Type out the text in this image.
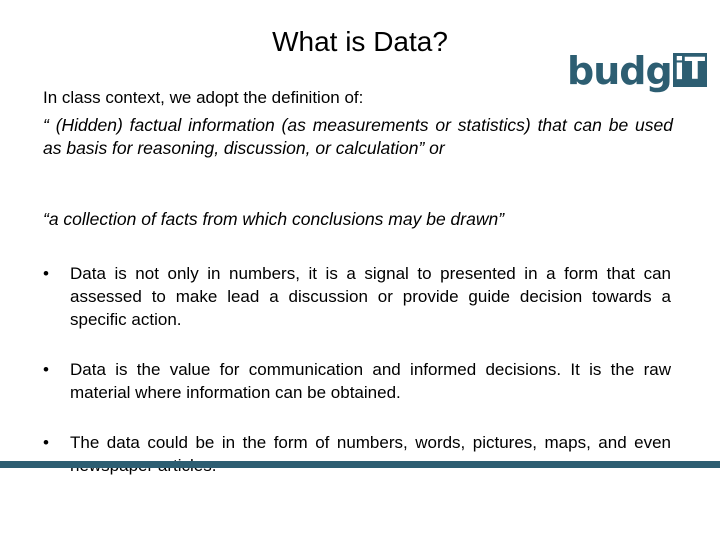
What is Data?
budg iT

In class context, we adopt the definition of:

“ (Hidden) factual information (as measurements or statistics) that can be used as basis for reasoning, discussion, or calculation” or

“a collection of facts from which conclusions may be drawn”

• Data is not only in numbers, it is a signal to presented in a form that can assessed to make lead a discussion or provide guide decision towards a specific action.
• Data is the value for communication and informed decisions. It is the raw material where information can be obtained.
• The data could be in the form of numbers, words, pictures, maps, and even
